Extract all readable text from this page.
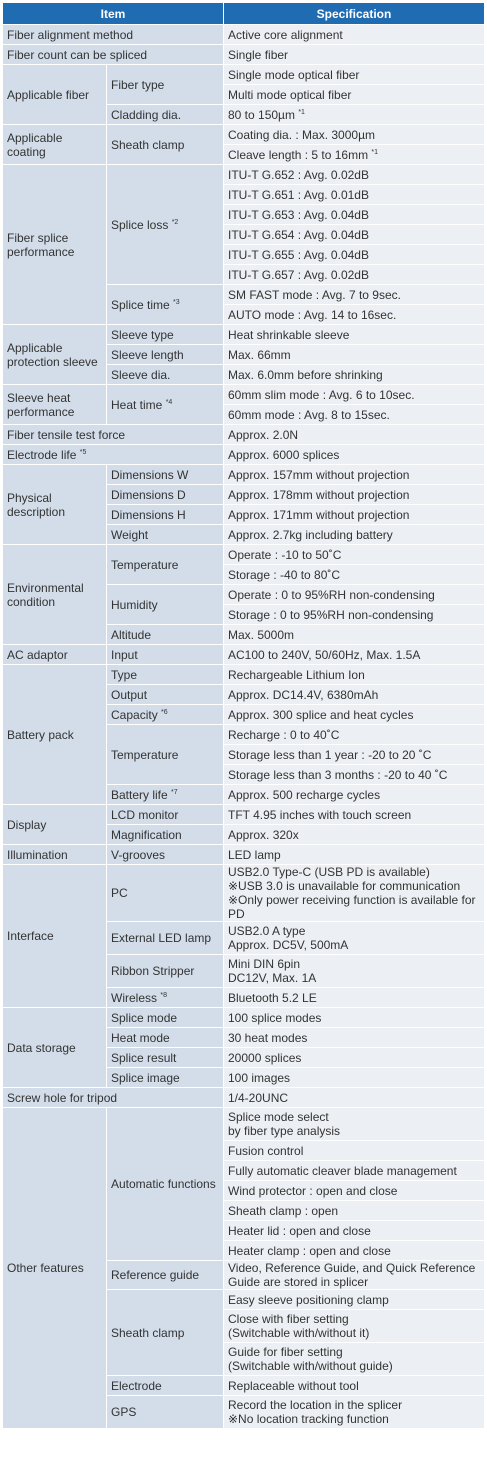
Item		Specification
Fiber alignment method		Active core alignment
Fiber count can be spliced		Single fiber
Applicable fiber	Fiber type	Single mode optical fiber
		Multi mode optical fiber
	Cladding dia.	80 to 150µm $^{*1}$
Applicable coating	Sheath clamp	Coating dia. : Max. 3000µm
		Cleave length : 5 to 16mm $^{*1}$
Fiber splice performance	Splice loss $^{*2}$	ITU-T G.652 : Avg. 0.02dB
		ITU-T G.651 : Avg. 0.01dB
		ITU-T G.653 : Avg. 0.04dB
		ITU-T G.654 : Avg. 0.04dB
		ITU-T G.655 : Avg. 0.04dB
		ITU-T G.657 : Avg. 0.02dB
	Splice time $^{*3}$	SM FAST mode : Avg. 7 to 9sec.
		AUTO mode : Avg. 14 to 16sec.
Applicable protection sleeve	Sleeve type	Heat shrinkable sleeve
	Sleeve length	Max. 66mm
	Sleeve dia.	Max. 6.0mm before shrinking
Sleeve heat performance	Heat time $^{*4}$	60mm slim mode : Avg. 6 to 10sec.
		60mm mode : Avg. 8 to 15sec.
Fiber tensile test force		Approx. 2.0N
Electrode life $^{*5}$		Approx. 6000 splices
Physical description	Dimensions W	Approx. 157mm without projection
	Dimensions D	Approx. 178mm without projection
	Dimensions H	Approx. 171mm without projection
	Weight	Approx. 2.7kg including battery
Environmental condition	Temperature	Operate : -10 to 50˚C
		Storage : -40 to 80˚C
	Humidity	Operate : 0 to 95%RH non-condensing
		Storage : 0 to 95%RH non-condensing
	Altitude	Max. 5000m
AC adaptor	Input	AC100 to 240V, 50/60Hz, Max. 1.5A
Battery pack	Type	Rechargeable Lithium Ion
	Output	Approx. DC14.4V, 6380mAh
	Capacity $^{*6}$	Approx. 300 splice and heat cycles
	Temperature	Recharge : 0 to 40˚C
		Storage less than 1 year : -20 to 20 ˚C
		Storage less than 3 months : -20 to 40 ˚C
	Battery life $^{*7}$	Approx. 500 recharge cycles
Display	LCD monitor	TFT 4.95 inches with touch screen
	Magnification	Approx. 320x
Illumination	V-grooves	LED lamp
Interface	PC	USB2.0 Type-C (USB PD is available)
※USB 3.0 is unavailable for communication
※Only power receiving function is available for PD
	External LED lamp	USB2.0 A type
Approx. DC5V, 500mA
	Ribbon Stripper	Mini DIN 6pin
DC12V, Max. 1A
	Wireless $^{*8}$	Bluetooth 5.2 LE
Data storage	Splice mode	100 splice modes
	Heat mode	30 heat modes
	Splice result	20000 splices
	Splice image	100 images
Screw hole for tripod		1/4-20UNC
Other features	Automatic functions	Splice mode select
by fiber type analysis
		Fusion control
		Fully automatic cleaver blade management
		Wind protector : open and close
		Sheath clamp : open
		Heater lid : open and close
		Heater clamp : open and close
	Reference guide	Video, Reference Guide, and Quick Reference Guide are stored in splicer
	Sheath clamp	Easy sleeve positioning clamp
		Close with fiber setting
(Switchable with/without it)
		Guide for fiber setting
(Switchable with/without guide)
	Electrode	Replaceable without tool
	GPS	Record the location in the splicer
※No location tracking function
